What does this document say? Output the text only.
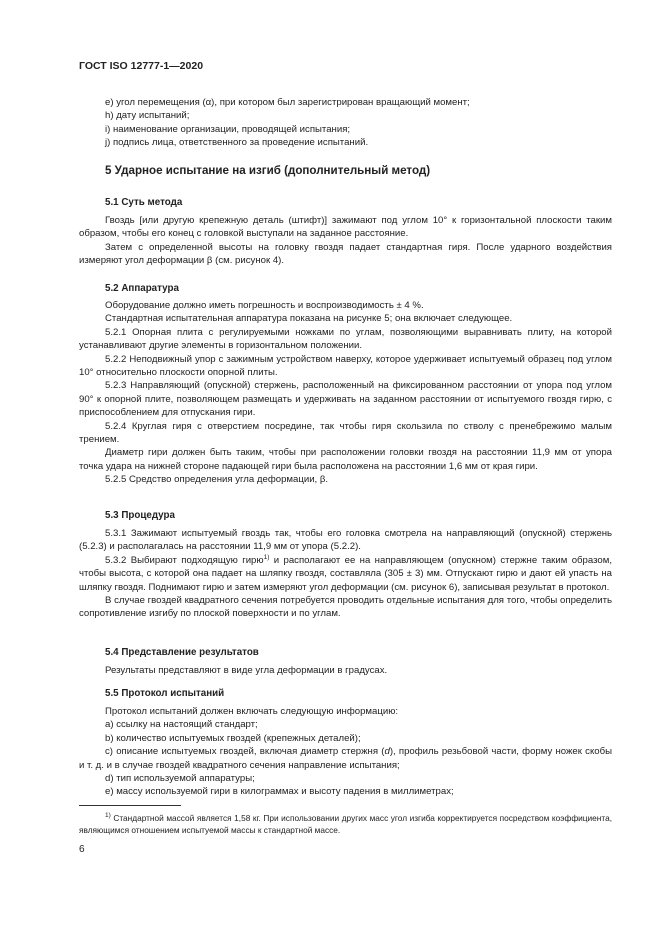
ГОСТ ISO 12777-1—2020

e) угол перемещения (α), при котором был зарегистрирован вращающий момент;

h) дату испытаний;

i) наименование организации, проводящей испытания;

j) подпись лица, ответственного за проведение испытаний.

5 Ударное испытание на изгиб (дополнительный метод)
5.1 Суть метода

Гвоздь [или другую крепежную деталь (штифт)] зажимают под углом 10° к горизонтальной плоскости таким образом, чтобы его конец с головкой выступали на заданное расстояние.

Затем с определенной высоты на головку гвоздя падает стандартная гиря. После ударного воздействия измеряют угол деформации β (см. рисунок 4).

5.2 Аппаратура

Оборудование должно иметь погрешность и воспроизводимость ± 4 %.

Стандартная испытательная аппаратура показана на рисунке 5; она включает следующее.

5.2.1 Опорная плита с регулируемыми ножками по углам, позволяющими выравнивать плиту, на которой устанавливают другие элементы в горизонтальном положении.

5.2.2 Неподвижный упор с зажимным устройством наверху, которое удерживает испытуемый образец под углом 10° относительно плоскости опорной плиты.

5.2.3 Направляющий (опускной) стержень, расположенный на фиксированном расстоянии от упора под углом 90° к опорной плите, позволяющем размещать и удерживать на заданном расстоянии от испытуемого гвоздя гирю, с приспособлением для отпускания гири.

5.2.4 Круглая гиря с отверстием посредине, так чтобы гиря скользила по стволу с пренебрежимо малым трением.

Диаметр гири должен быть таким, чтобы при расположении головки гвоздя на расстоянии 11,9 мм от упора точка удара на нижней стороне падающей гири была расположена на расстоянии 1,6 мм от края гири.

5.2.5 Средство определения угла деформации, β.

5.3 Процедура

5.3.1 Зажимают испытуемый гвоздь так, чтобы его головка смотрела на направляющий (опускной) стержень (5.2.3) и располагалась на расстоянии 11,9 мм от упора (5.2.2).

5.3.2 Выбирают подходящую гирю$^{1)}$ и располагают ее на направляющем (опускном) стержне таким образом, чтобы высота, с которой она падает на шляпку гвоздя, составляла (305 ± 3) мм. Отпускают гирю и дают ей упасть на шляпку гвоздя. Поднимают гирю и затем измеряют угол деформации (см. рисунок 6), записывая результат в протокол.

В случае гвоздей квадратного сечения потребуется проводить отдельные испытания для того, чтобы определить сопротивление изгибу по плоской поверхности и по углам.

5.4 Представление результатов

Результаты представляют в виде угла деформации в градусах.

5.5 Протокол испытаний

Протокол испытаний должен включать следующую информацию:

a) ссылку на настоящий стандарт;

b) количество испытуемых гвоздей (крепежных деталей);

c) описание испытуемых гвоздей, включая диаметр стержня (d), профиль резьбовой части, форму ножек скобы и т. д. и в случае гвоздей квадратного сечения направление испытания;

d) тип используемой аппаратуры;

e) массу используемой гири в килограммах и высоту падения в миллиметрах;

$^{1)}$ Стандартной массой является 1,58 кг. При использовании других масс угол изгиба корректируется посредством коэффициента, являющимся отношением испытуемой массы к стандартной массе.

6
